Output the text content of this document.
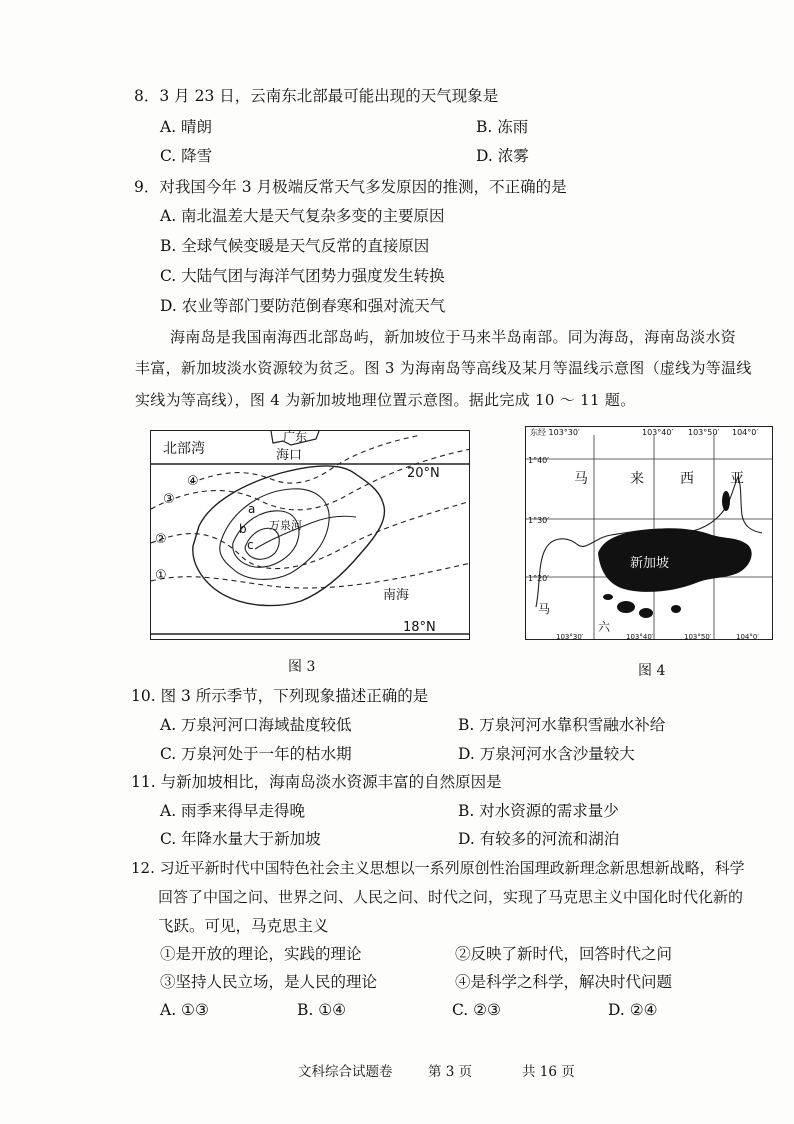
8．3 月 23 日，云南东北部最可能出现的天气现象是
A. 晴朗	B. 冻雨
C. 降雪	D. 浓雾
9．对我国今年 3 月极端反常天气多发原因的推测，不正确的是
A. 南北温差大是天气复杂多变的主要原因
B. 全球气候变暖是天气反常的直接原因
C. 大陆气团与海洋气团势力强度发生转换
D. 农业等部门要防范倒春寒和强对流天气
海南岛是我国南海西北部岛屿，新加坡位于马来半岛南部。同为海岛，海南岛淡水资
丰富，新加坡淡水资源较为贫乏。图 3 为海南岛等高线及某月等温线示意图（虚线为等温线
实线为等高线），图 4 为新加坡地理位置示意图。据此完成 10 ～ 11 题。
北部湾
广东
海口
20°N
18°N
南海
万泉河
a
b
c
①
②
③
④
图 3
东经 103°30′	103°40′ 103°50′ 104°0′
1°40′
1°30′
1°20′
马	来	西	亚
新加坡
马
六
103°30′	103°40′	103°50′	104°0′
图 4
10. 图 3 所示季节，下列现象描述正确的是
A. 万泉河河口海域盐度较低	B. 万泉河河水靠积雪融水补给
C. 万泉河处于一年的枯水期	D. 万泉河河水含沙量较大
11. 与新加坡相比，海南岛淡水资源丰富的自然原因是
A. 雨季来得早走得晚	B. 对水资源的需求量少
C. 年降水量大于新加坡	D. 有较多的河流和湖泊
12. 习近平新时代中国特色社会主义思想以一系列原创性治国理政新理念新思想新战略，科学
回答了中国之问、世界之问、人民之问、时代之问，实现了马克思主义中国化时代化新的
飞跃。可见，马克思主义
①是开放的理论，实践的理论	②反映了新时代，回答时代之问
③坚持人民立场，是人民的理论	④是科学之科学，解决时代问题
A. ①③	B. ①④	C. ②③	D. ②④
文科综合试题卷	第 3 页	共 16 页
